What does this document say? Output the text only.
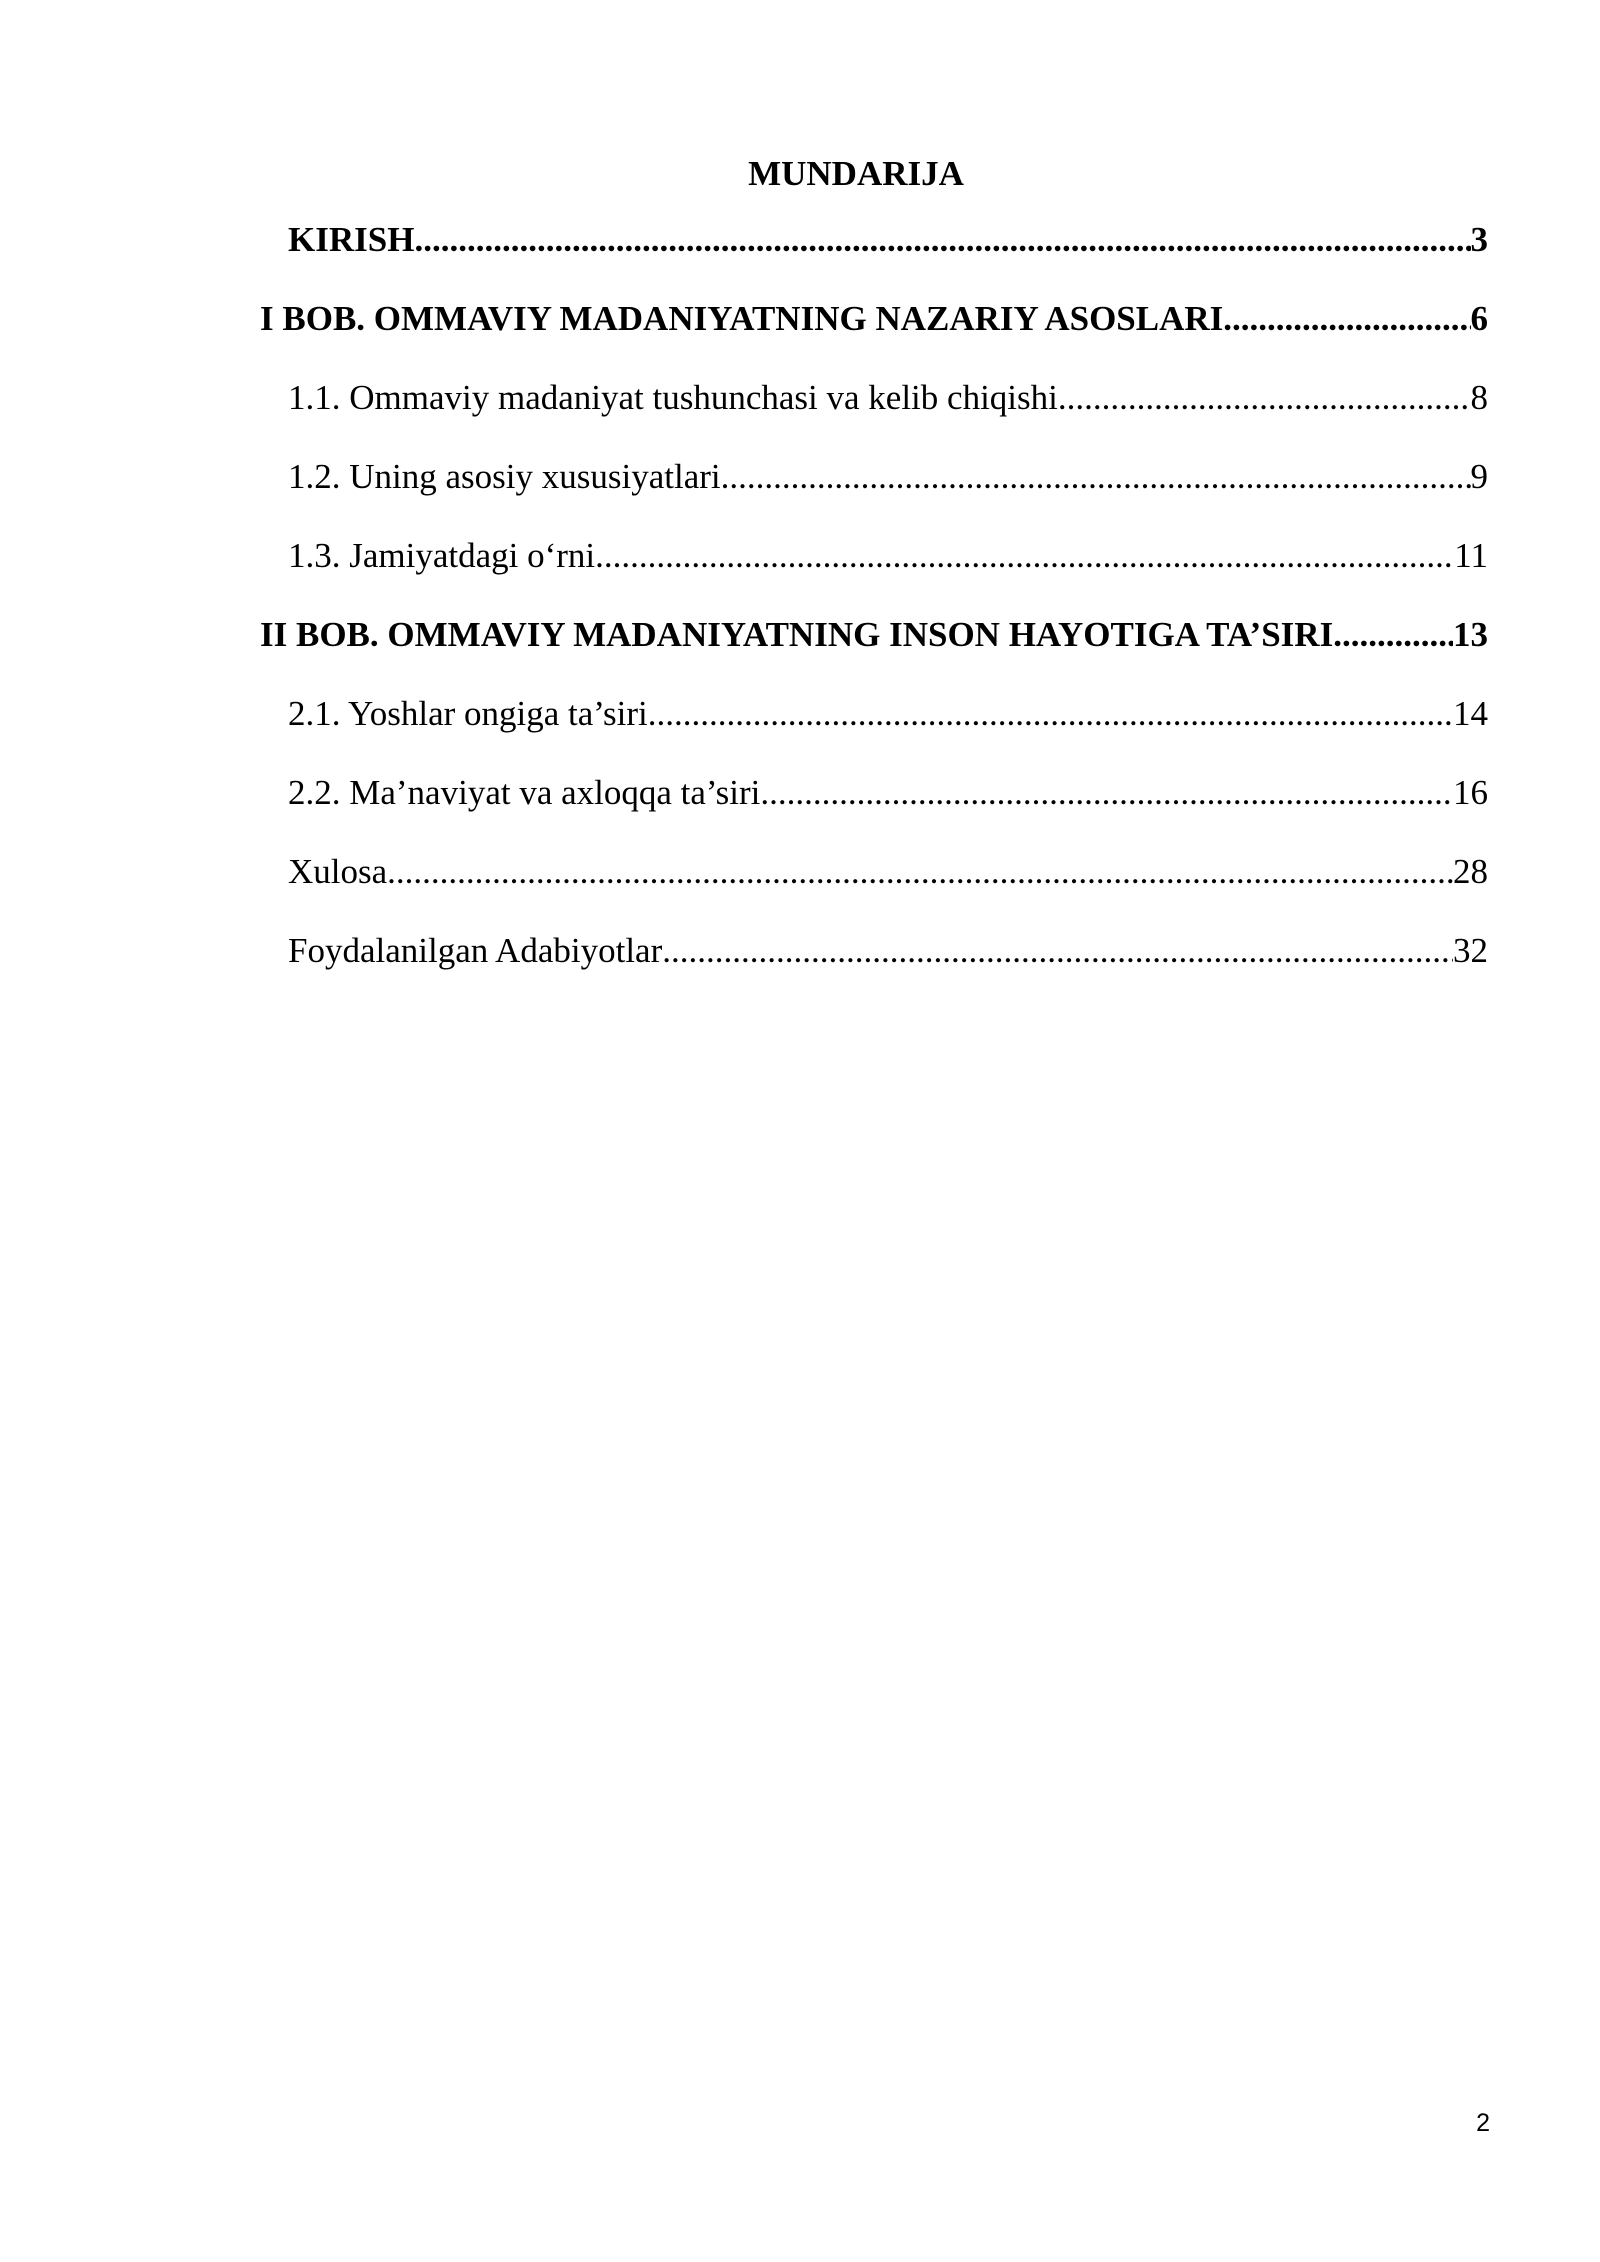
MUNDARIJA
KIRISH .....	3
I BOB. OMMAVIY MADANIYATNING NAZARIY ASOSLARI .....	6
1.1. Ommaviy madaniyat tushunchasi va kelib chiqishi .....	8
1.2. Uning asosiy xususiyatlari .....	9
1.3. Jamiyatdagi o‘rni .....	11
II BOB. OMMAVIY MADANIYATNING INSON HAYOTIGA TA’SIRI .....	13
2.1. Yoshlar ongiga ta’siri .....	14
2.2. Ma’naviyat va axloqqa ta’siri .....	16
Xulosa .....	28
Foydalanilgan Adabiyotlar .....	32
2
